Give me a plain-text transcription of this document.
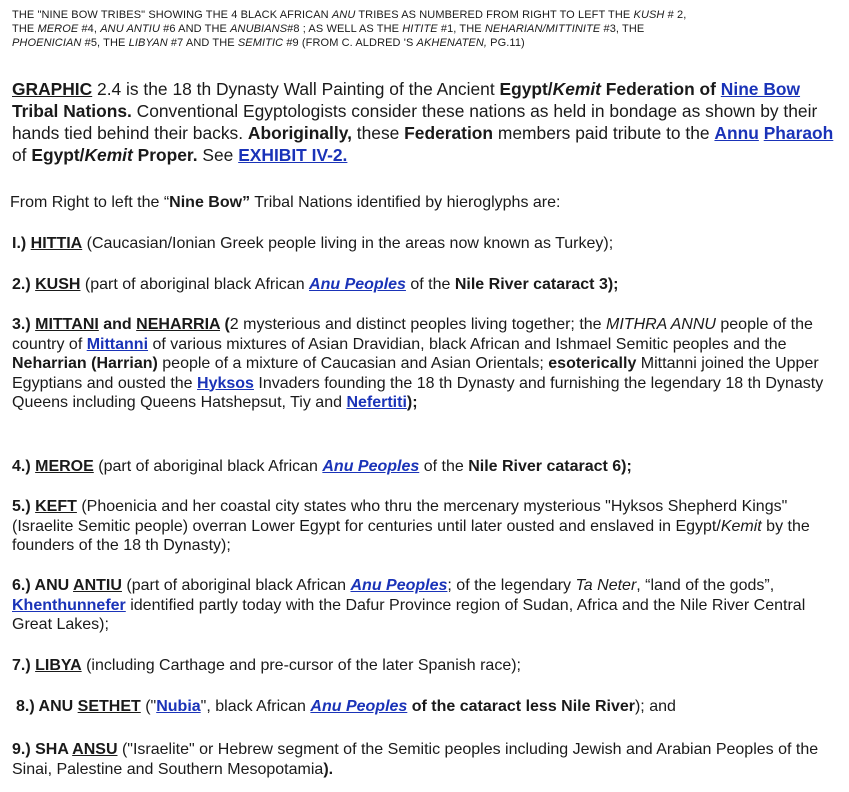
THE "NINE BOW TRIBES" SHOWING THE 4 BLACK AFRICAN ANU TRIBES AS NUMBERED FROM RIGHT TO LEFT THE KUSH # 2,
THE MEROE #4, ANU ANTIU #6 AND THE ANUBIANS#8 ; AS WELL AS THE HITITE #1, THE NEHARIAN/MITTINITE #3, THE
PHOENICIAN #5, THE LIBYAN #7 AND THE SEMITIC #9 (FROM C. ALDRED 'S AKHENATEN, PG.11)
GRAPHIC 2.4 is the 18 th Dynasty Wall Painting of the Ancient Egypt/Kemit Federation of Nine Bow Tribal Nations. Conventional Egyptologists consider these nations as held in bondage as shown by their hands tied behind their backs. Aboriginally, these Federation members paid tribute to the Annu Pharaoh of Egypt/Kemit Proper. See EXHIBIT IV-2.
From Right to left the “Nine Bow” Tribal Nations identified by hieroglyphs are:
I.) HITTIA (Caucasian/Ionian Greek people living in the areas now known as Turkey);
2.) KUSH (part of aboriginal black African Anu Peoples of the Nile River cataract 3);
3.) MITTANI and NEHARRIA (2 mysterious and distinct peoples living together; the MITHRA ANNU people of the country of Mittanni of various mixtures of Asian Dravidian, black African and Ishmael Semitic peoples and the Neharrian (Harrian) people of a mixture of Caucasian and Asian Orientals; esoterically Mittanni joined the Upper Egyptians and ousted the Hyksos Invaders founding the 18 th Dynasty and furnishing the legendary 18 th Dynasty Queens including Queens Hatshepsut, Tiy and Nefertiti);
4.) MEROE (part of aboriginal black African Anu Peoples of the Nile River cataract 6);
5.) KEFT (Phoenicia and her coastal city states who thru the mercenary mysterious "Hyksos Shepherd Kings" (Israelite Semitic people) overran Lower Egypt for centuries until later ousted and enslaved in Egypt/Kemit by the founders of the 18 th Dynasty);
6.) ANU ANTIU (part of aboriginal black African Anu Peoples; of the legendary Ta Neter, “land of the gods”, Khenthunnefer identified partly today with the Dafur Province region of Sudan, Africa and the Nile River Central Great Lakes);
7.) LIBYA (including Carthage and pre-cursor of the later Spanish race);
8.) ANU SETHET ("Nubia", black African Anu Peoples of the cataract less Nile River); and
9.) SHA ANSU ("Israelite" or Hebrew segment of the Semitic peoples including Jewish and Arabian Peoples of the Sinai, Palestine and Southern Mesopotamia).
